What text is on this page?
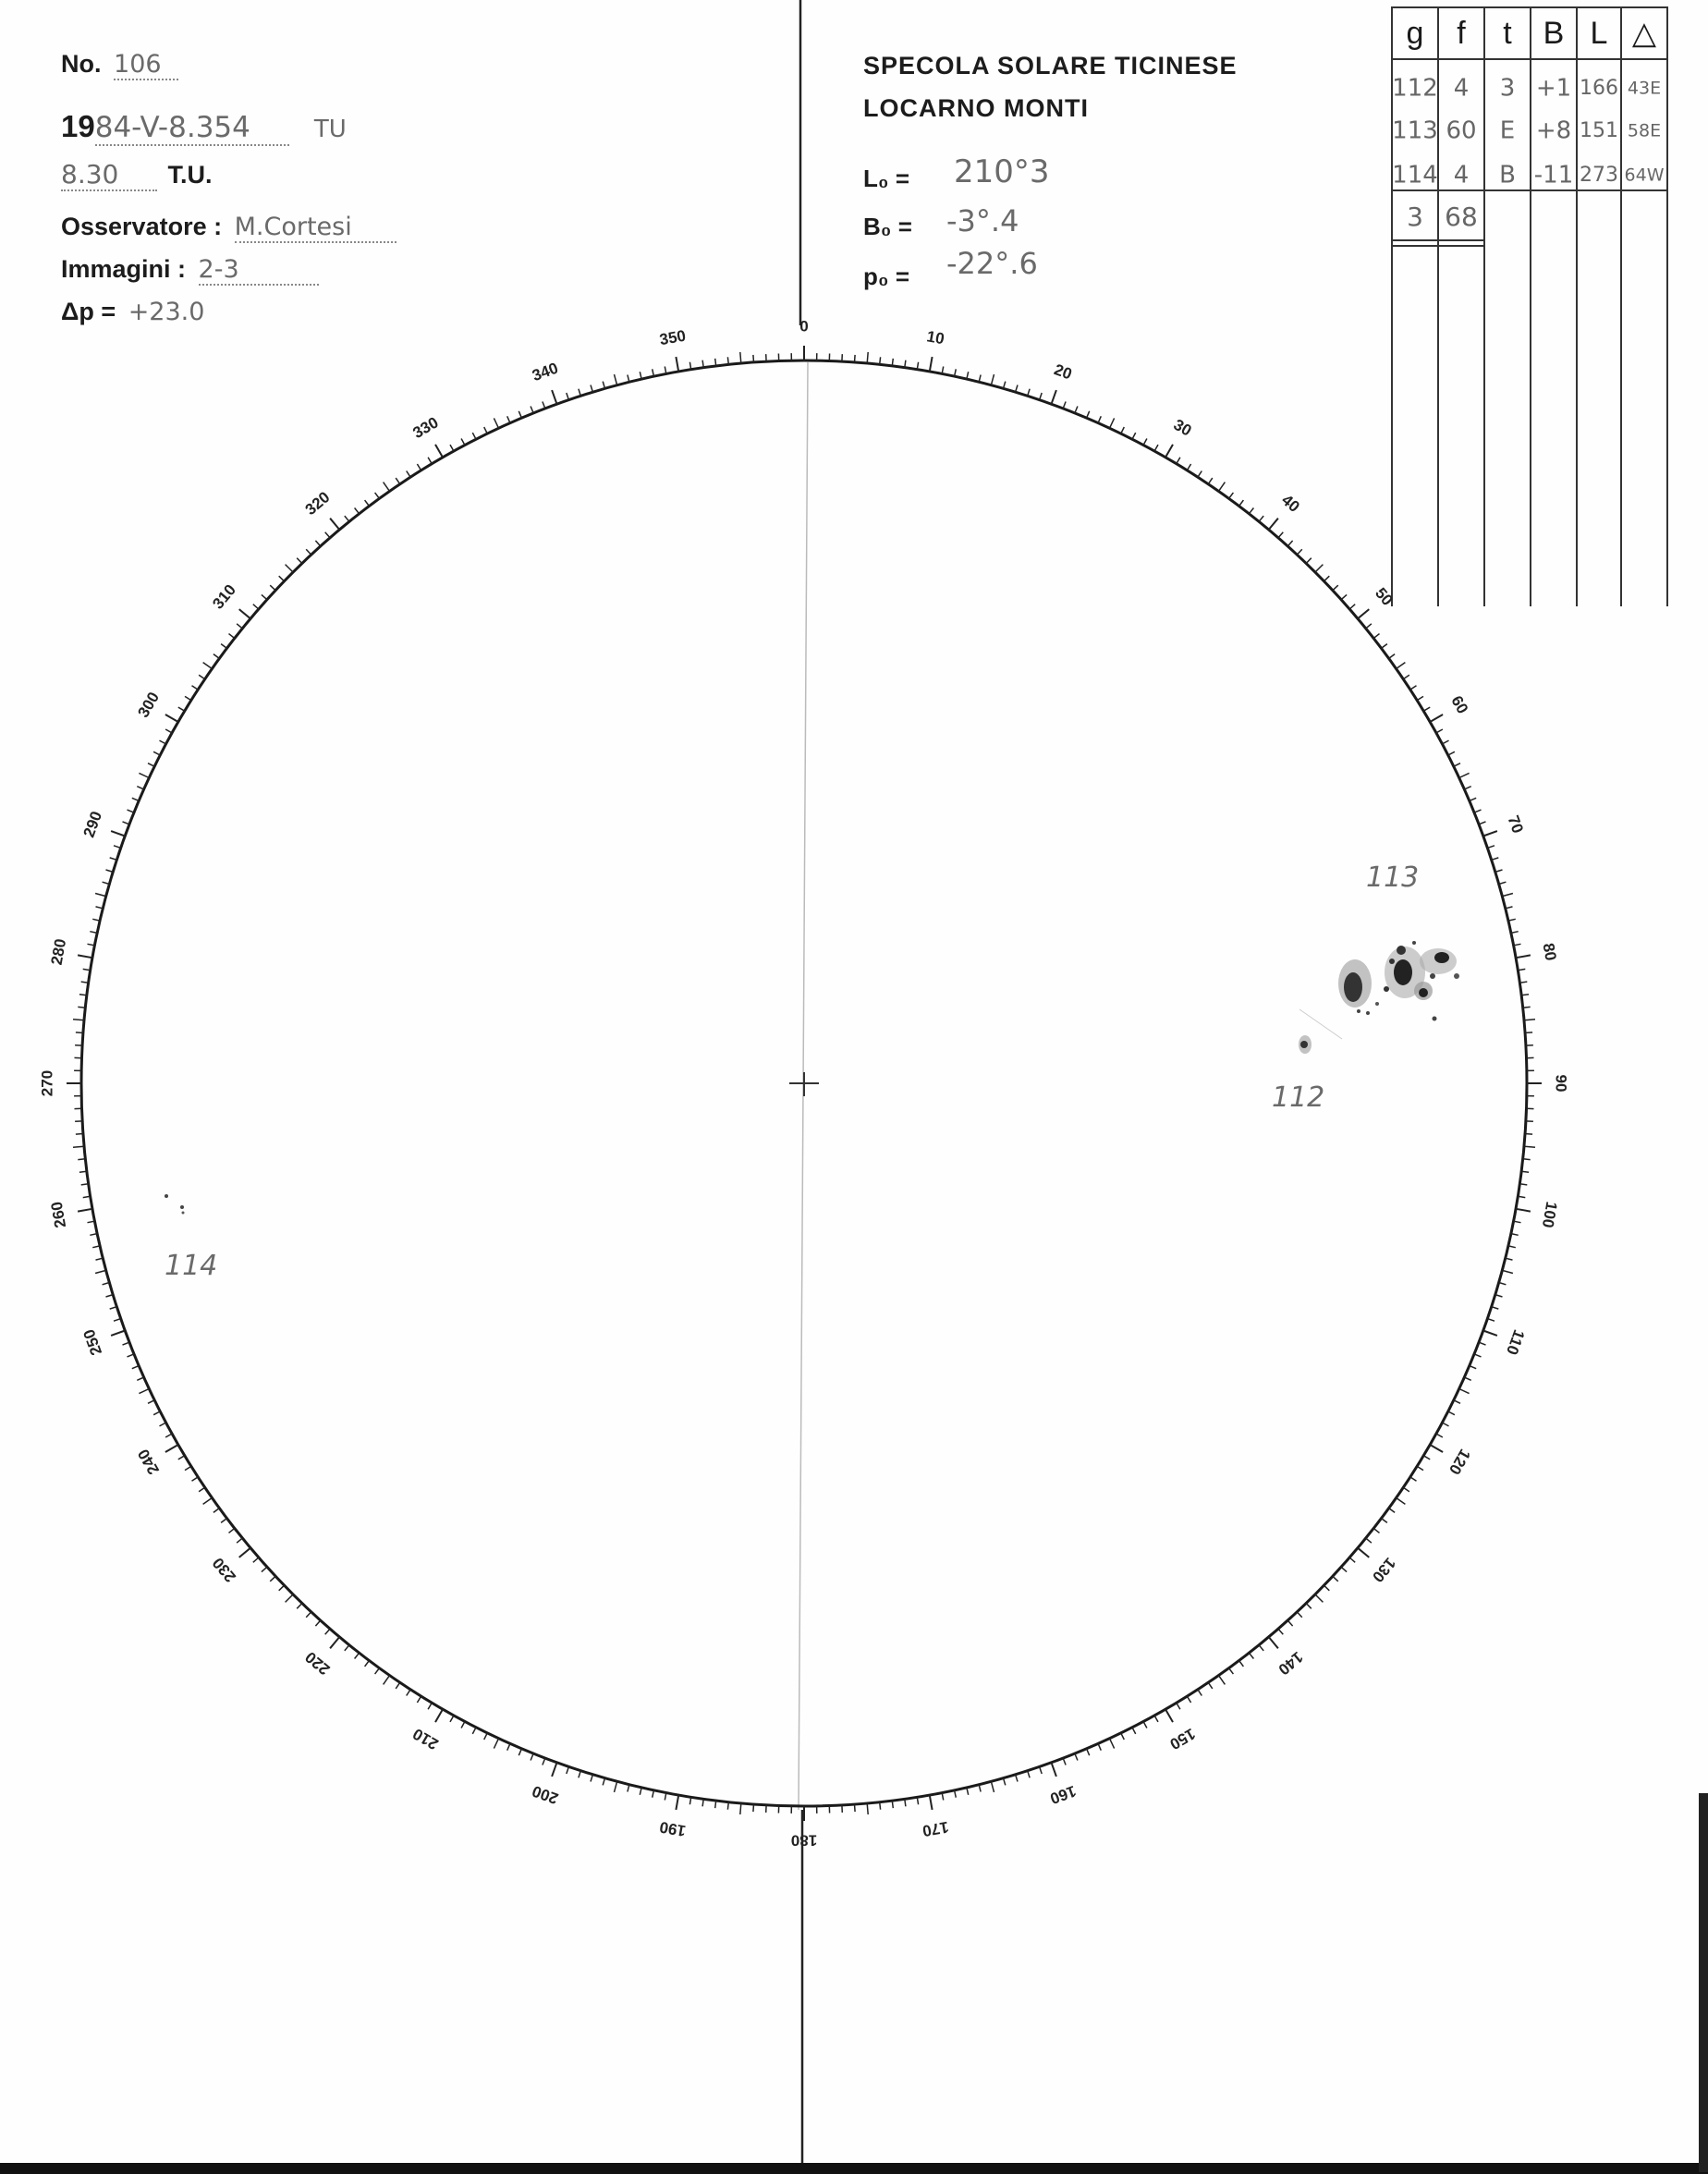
No. 106
1984-V-8.354	TU
8.30 T.U.
Osservatore : M.Cortesi
Immagini : 2-3
Δp = +23.0
SPECOLA SOLARE TICINESE
LOCARNO MONTI
L₀ = 210°3
B₀ = -3°.4
p₀ = -22°.6
g f t B L △
112 4 3 +1 166 43E
113 60 E +8 151 58E
114 4 B -11 273 64W
3 68
0
10
20
30
40
50
60
70
80
90
100
110
120
130
140
150
160
170
180
190
200
210
220
230
240
250
260
270
280
290
300
310
320
330
340
350
113
112
114
